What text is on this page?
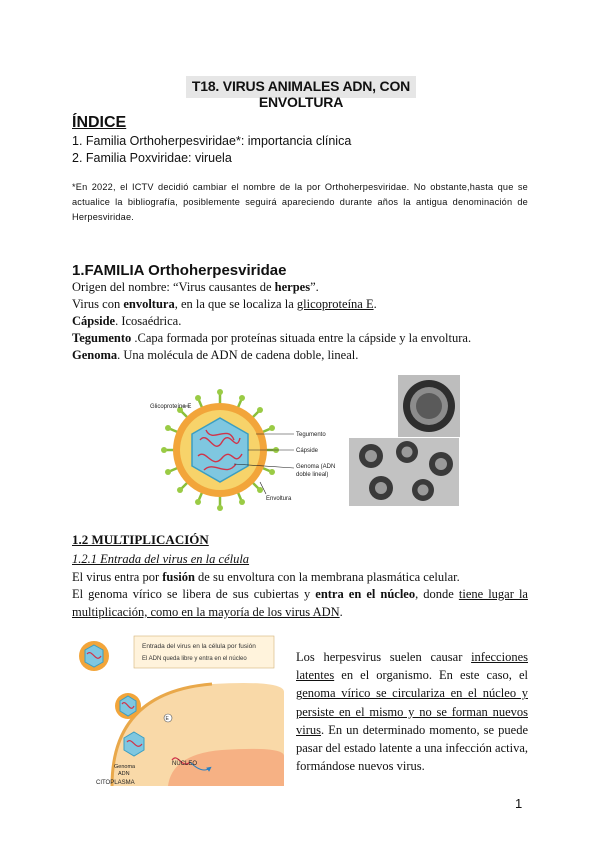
T18. VIRUS ANIMALES ADN, CON ENVOLTURA
ÍNDICE
1. Familia Orthoherpesviridae*: importancia clínica
2. Familia Poxviridae: viruela
*En 2022, el ICTV decidió cambiar el nombre de la por Orthoherpesviridae. No obstante,hasta que se actualice la bibliografía, posiblemente seguirá apareciendo durante años la antigua denominación de Herpesviridae.
1.FAMILIA Orthoherpesviridae
Origen del nombre: “Virus causantes de herpes”.
Virus con envoltura, en la que se localiza la glicoproteína E.
Cápside. Icosaédrica.
Tegumento .Capa formada por proteínas situada entre la cápside y la envoltura.
Genoma. Una molécula de ADN de cadena doble, lineal.
Glicoproteína E
Tegumento
Cápside
Genoma (ADN
doble lineal)
Envoltura
1.2 MULTIPLICACIÓN
1.2.1 Entrada del virus en la célula
El virus entra por fusión de su envoltura con la membrana plasmática celular.
El genoma vírico se libera de sus cubiertas y entra en el núcleo, donde tiene lugar la multiplicación, como en la mayoría de los virus ADN.
Entrada del virus en la célula por fusión
El ADN queda libre y entra en el núcleo
E
Genoma
ADN
NÚCLEO
CITOPLASMA
Los herpesvirus suelen causar infecciones latentes en el organismo. En este caso, el genoma vírico se circulariza en el núcleo y persiste en el mismo y no se forman nuevos virus. En un determinado momento, se puede pasar del estado latente a una infección activa, formándose nuevos virus.
1
